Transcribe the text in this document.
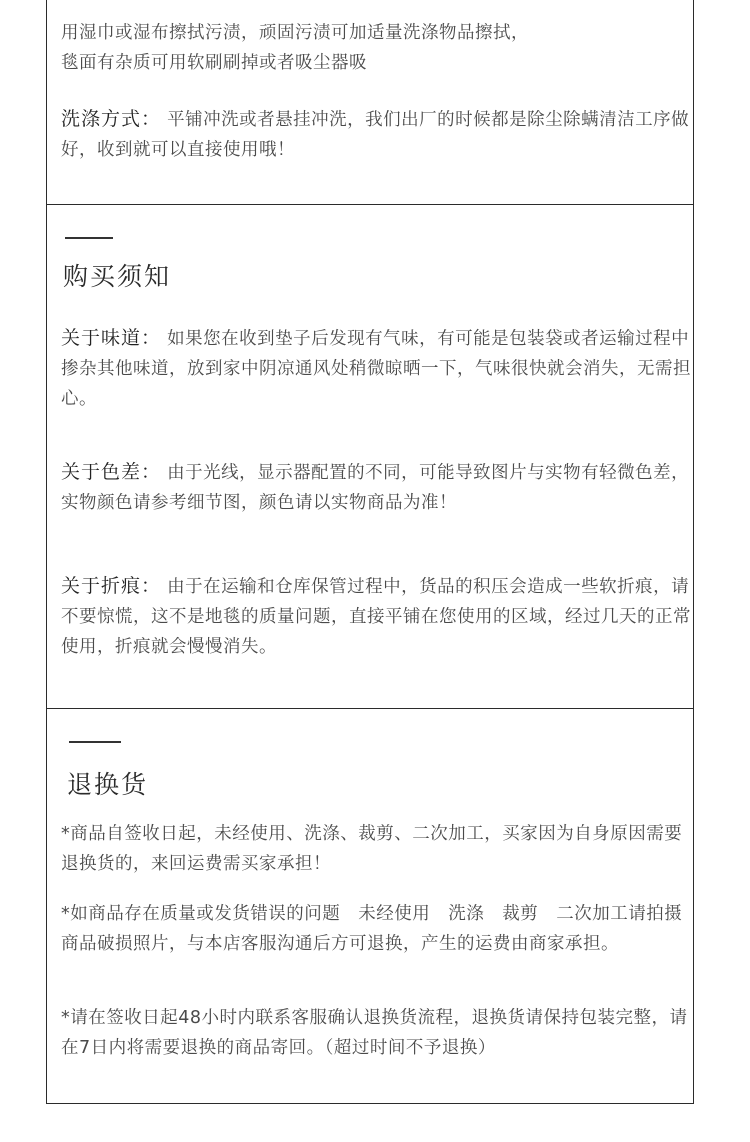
用湿巾或湿布擦拭污渍，顽固污渍可加适量洗涤物品擦拭，
毯面有杂质可用软刷刷掉或者吸尘器吸
洗涤方式： 平铺冲洗或者悬挂冲洗，我们出厂的时候都是除尘除螨清洁工序做好，收到就可以直接使用哦！
购买须知
关于味道： 如果您在收到垫子后发现有气味，有可能是包装袋或者运输过程中掺杂其他味道，放到家中阴凉通风处稍微晾晒一下，气味很快就会消失，无需担心。
关于色差： 由于光线，显示器配置的不同，可能导致图片与实物有轻微色差，实物颜色请参考细节图，颜色请以实物商品为准！
关于折痕： 由于在运输和仓库保管过程中，货品的积压会造成一些软折痕，请不要惊慌，这不是地毯的质量问题，直接平铺在您使用的区域，经过几天的正常使用，折痕就会慢慢消失。
退换货
*商品自签收日起，未经使用、洗涤、裁剪、二次加工，买家因为自身原因需要退换货的，来回运费需买家承担！
*如商品存在质量或发货错误的问题　未经使用　洗涤　裁剪　二次加工请拍摄商品破损照片，与本店客服沟通后方可退换，产生的运费由商家承担。
*请在签收日起48小时内联系客服确认退换货流程，退换货请保持包装完整，请在7日内将需要退换的商品寄回。（超过时间不予退换）
